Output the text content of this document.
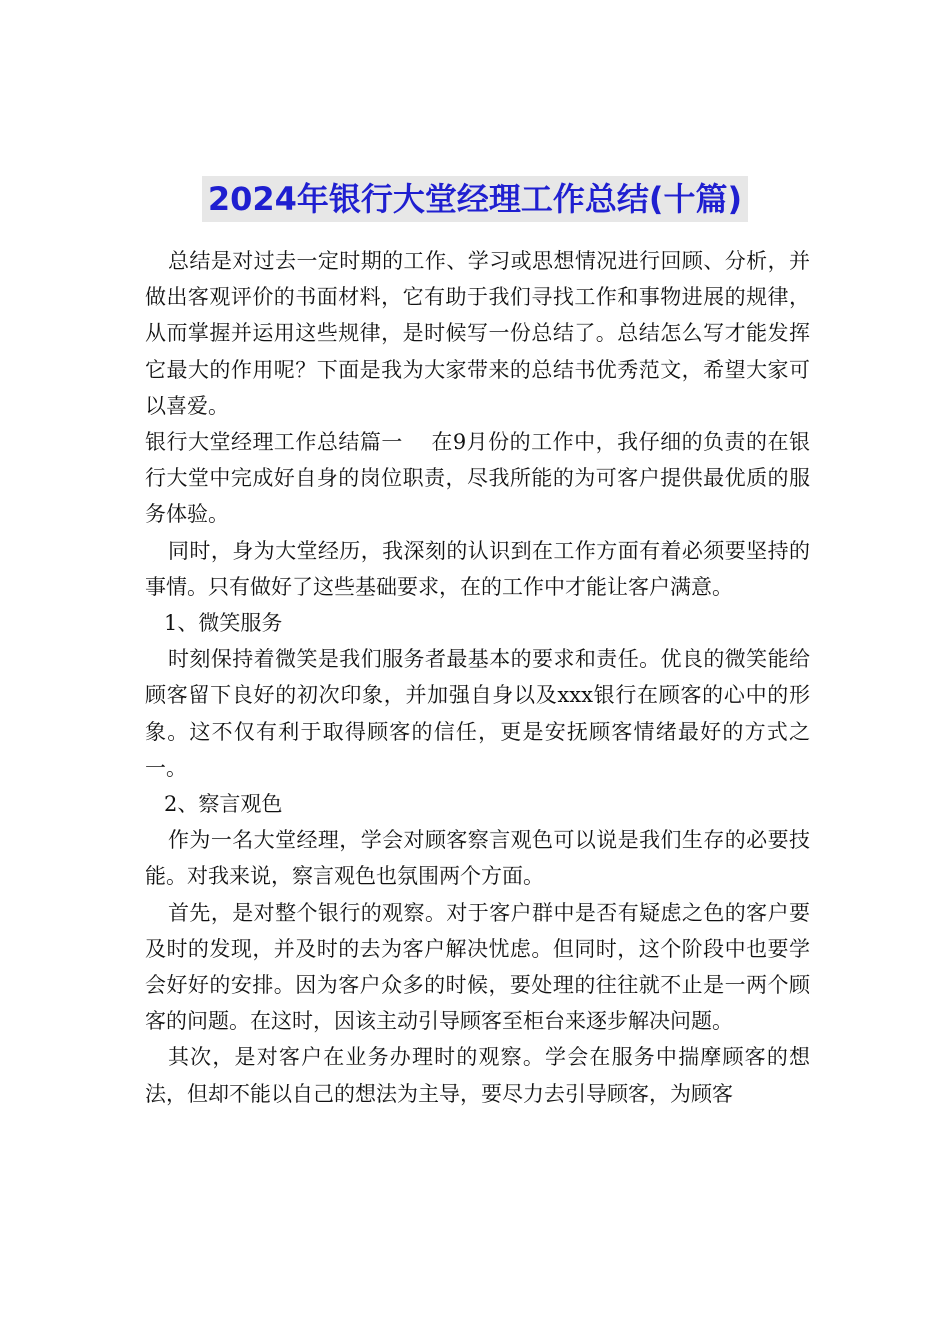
2024年银行大堂经理工作总结(十篇)

总结是对过去一定时期的工作、学习或思想情况进行回顾、分析，并做出客观评价的书面材料，它有助于我们寻找工作和事物进展的规律，从而掌握并运用这些规律，是时候写一份总结了。总结怎么写才能发挥它最大的作用呢？下面是我为大家带来的总结书优秀范文，希望大家可以喜爱。

银行大堂经理工作总结篇一 在9月份的工作中，我仔细的负责的在银行大堂中完成好自身的岗位职责，尽我所能的为可客户提供最优质的服务体验。

同时，身为大堂经历，我深刻的认识到在工作方面有着必须要坚持的事情。只有做好了这些基础要求，在的工作中才能让客户满意。

1、微笑服务

时刻保持着微笑是我们服务者最基本的要求和责任。优良的微笑能给顾客留下良好的初次印象，并加强自身以及xxx银行在顾客的心中的形象。这不仅有利于取得顾客的信任，更是安抚顾客情绪最好的方式之一。

2、察言观色

作为一名大堂经理，学会对顾客察言观色可以说是我们生存的必要技能。对我来说，察言观色也氛围两个方面。

首先，是对整个银行的观察。对于客户群中是否有疑虑之色的客户要及时的发现，并及时的去为客户解决忧虑。但同时，这个阶段中也要学会好好的安排。因为客户众多的时候，要处理的往往就不止是一两个顾客的问题。在这时，因该主动引导顾客至柜台来逐步解决问题。

其次，是对客户在业务办理时的观察。学会在服务中揣摩顾客的想法，但却不能以自己的想法为主导，要尽力去引导顾客，为顾客
